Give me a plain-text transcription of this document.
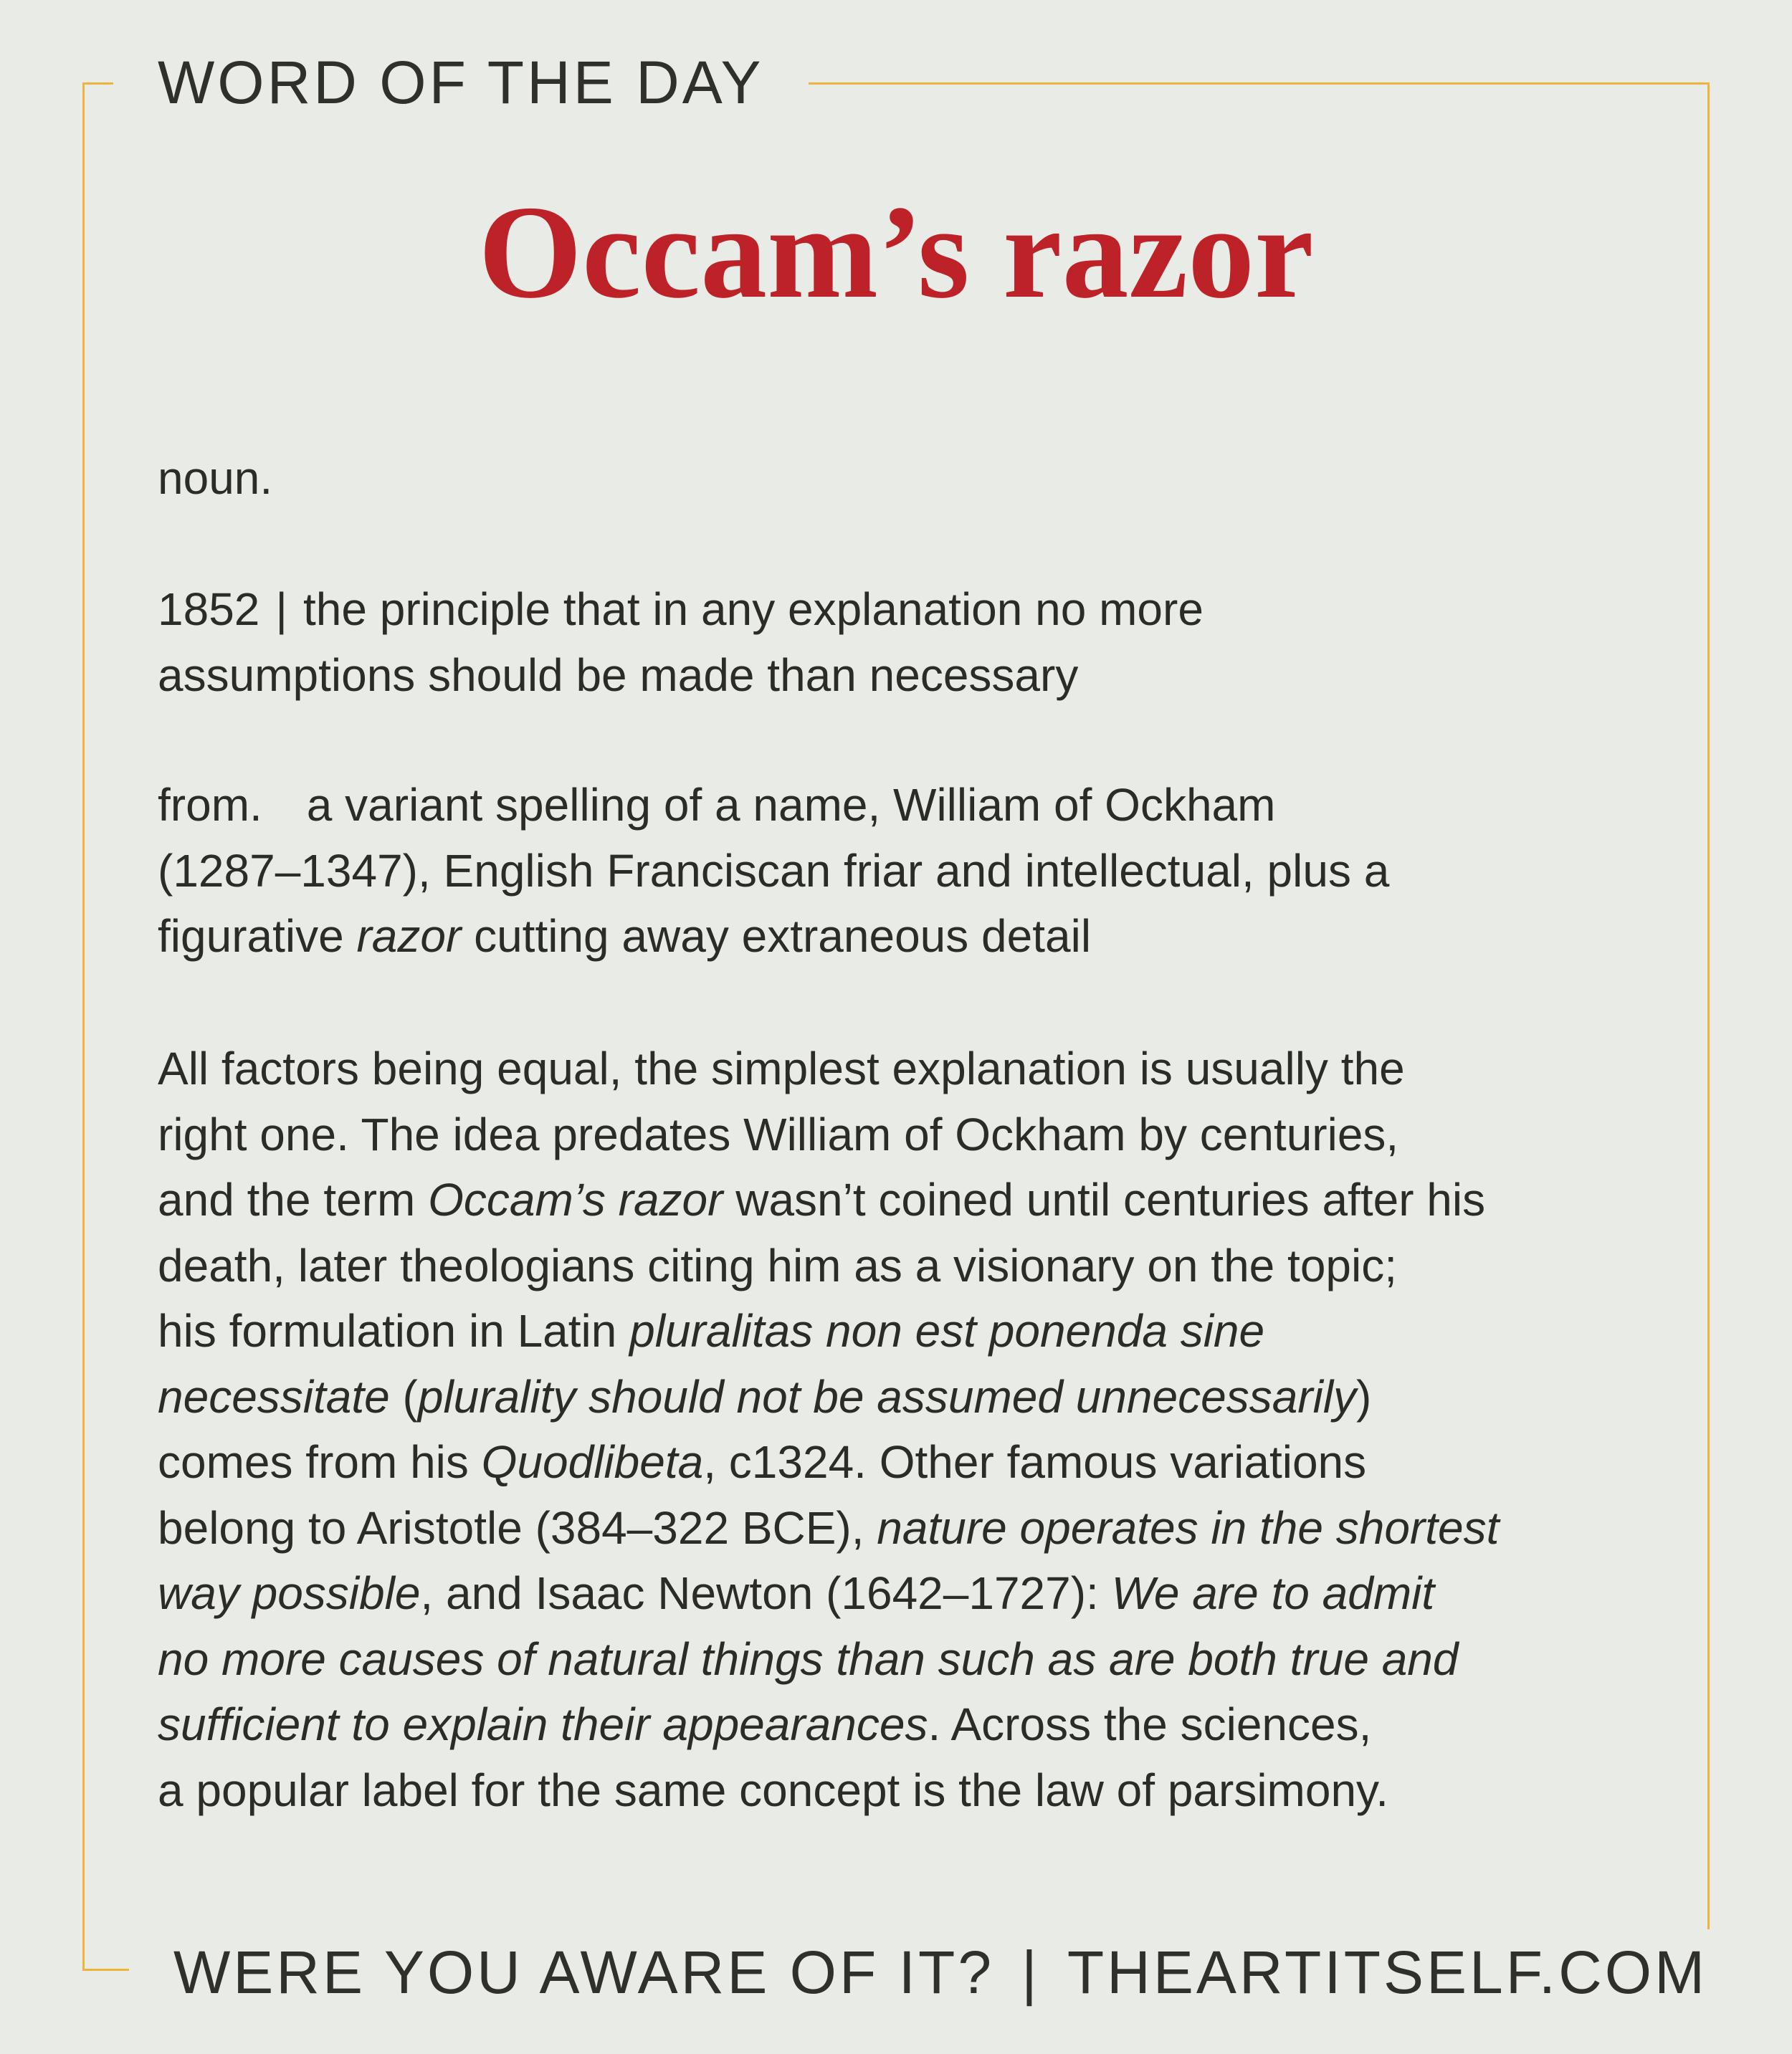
WORD OF THE DAY
Occam’s razor
noun.
1852 | the principle that in any explanation no more
assumptions should be made than necessary
from. a variant spelling of a name, William of Ockham
(1287–1347), English Franciscan friar and intellectual, plus a
figurative razor cutting away extraneous detail
All factors being equal, the simplest explanation is usually the
right one. The idea predates William of Ockham by centuries,
and the term Occam’s razor wasn’t coined until centuries after his
death, later theologians citing him as a visionary on the topic;
his formulation in Latin pluralitas non est ponenda sine
necessitate (plurality should not be assumed unnecessarily)
comes from his Quodlibeta, c1324. Other famous variations
belong to Aristotle (384–322 BCE), nature operates in the shortest
way possible, and Isaac Newton (1642–1727): We are to admit
no more causes of natural things than such as are both true and
sufficient to explain their appearances. Across the sciences,
a popular label for the same concept is the law of parsimony.
WERE YOU AWARE OF IT? | THEARTITSELF.COM
